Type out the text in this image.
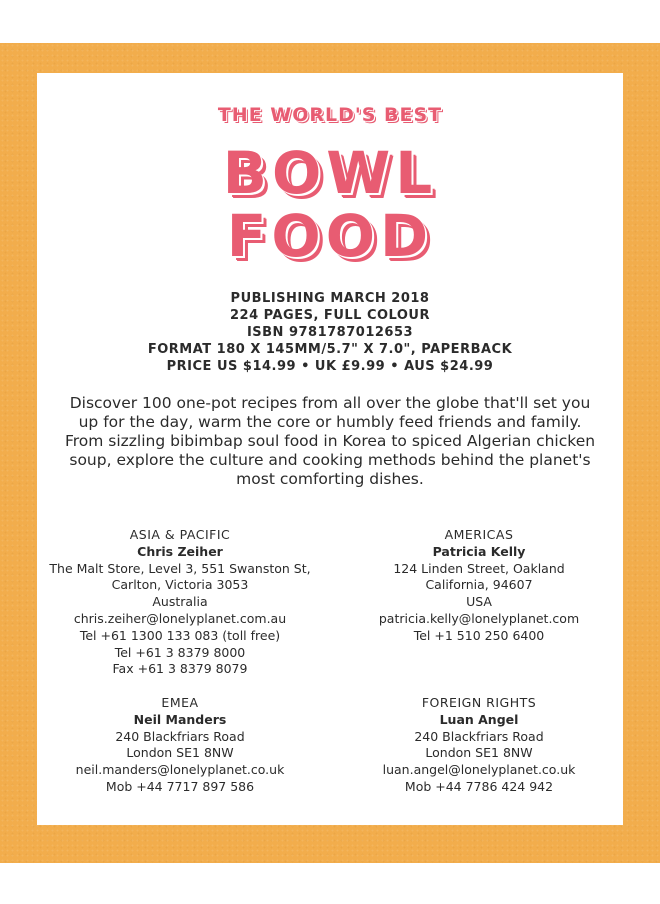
THE WORLD'S BEST
BOWL
FOOD
PUBLISHING MARCH 2018
224 PAGES, FULL COLOUR
ISBN 9781787012653
FORMAT 180 X 145MM/5.7" X 7.0", PAPERBACK
PRICE US $14.99 • UK £9.99 • AUS $24.99
Discover 100 one-pot recipes from all over the globe that'll set you up for the day, warm the core or humbly feed friends and family. From sizzling bibimbap soul food in Korea to spiced Algerian chicken soup, explore the culture and cooking methods behind the planet's most comforting dishes.
ASIA & PACIFIC
Chris Zeiher
The Malt Store, Level 3, 551 Swanston St,
Carlton, Victoria 3053
Australia
chris.zeiher@lonelyplanet.com.au
Tel +61 1300 133 083 (toll free)
Tel +61 3 8379 8000
Fax +61 3 8379 8079
AMERICAS
Patricia Kelly
124 Linden Street, Oakland
California, 94607
USA
patricia.kelly@lonelyplanet.com
Tel +1 510 250 6400
EMEA
Neil Manders
240 Blackfriars Road
London SE1 8NW
neil.manders@lonelyplanet.co.uk
Mob +44 7717 897 586
FOREIGN RIGHTS
Luan Angel
240 Blackfriars Road
London SE1 8NW
luan.angel@lonelyplanet.co.uk
Mob +44 7786 424 942
